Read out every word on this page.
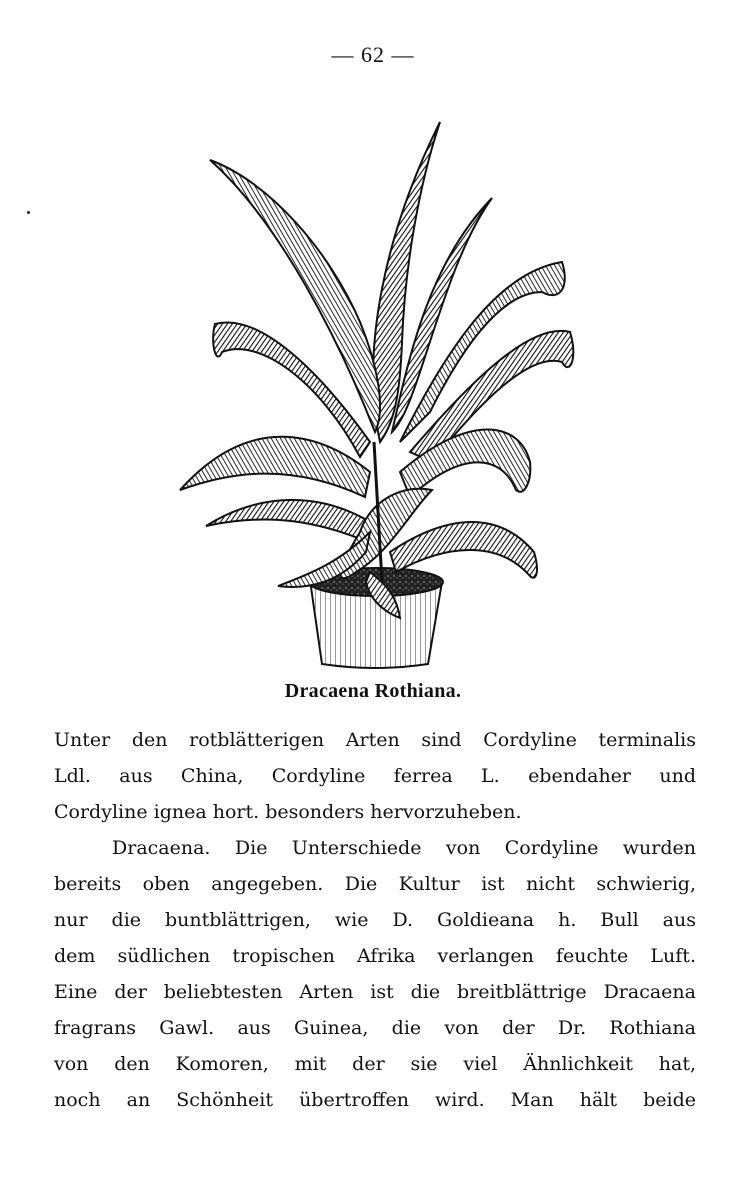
— 62 —
Dracaena Rothiana.
Unter den rotblätterigen Arten sind Cordyline terminalis
Ldl. aus China, Cordyline ferrea L. ebendaher und
Cordyline ignea hort. besonders hervorzuheben.
Dracaena. Die Unterschiede von Cordyline wurden
bereits oben angegeben. Die Kultur ist nicht schwierig,
nur die buntblättrigen, wie D. Goldieana h. Bull aus
dem südlichen tropischen Afrika verlangen feuchte Luft.
Eine der beliebtesten Arten ist die breitblättrige Dracaena
fragrans Gawl. aus Guinea, die von der Dr. Rothiana
von den Komoren, mit der sie viel Ähnlichkeit hat,
noch an Schönheit übertroffen wird. Man hält beide
